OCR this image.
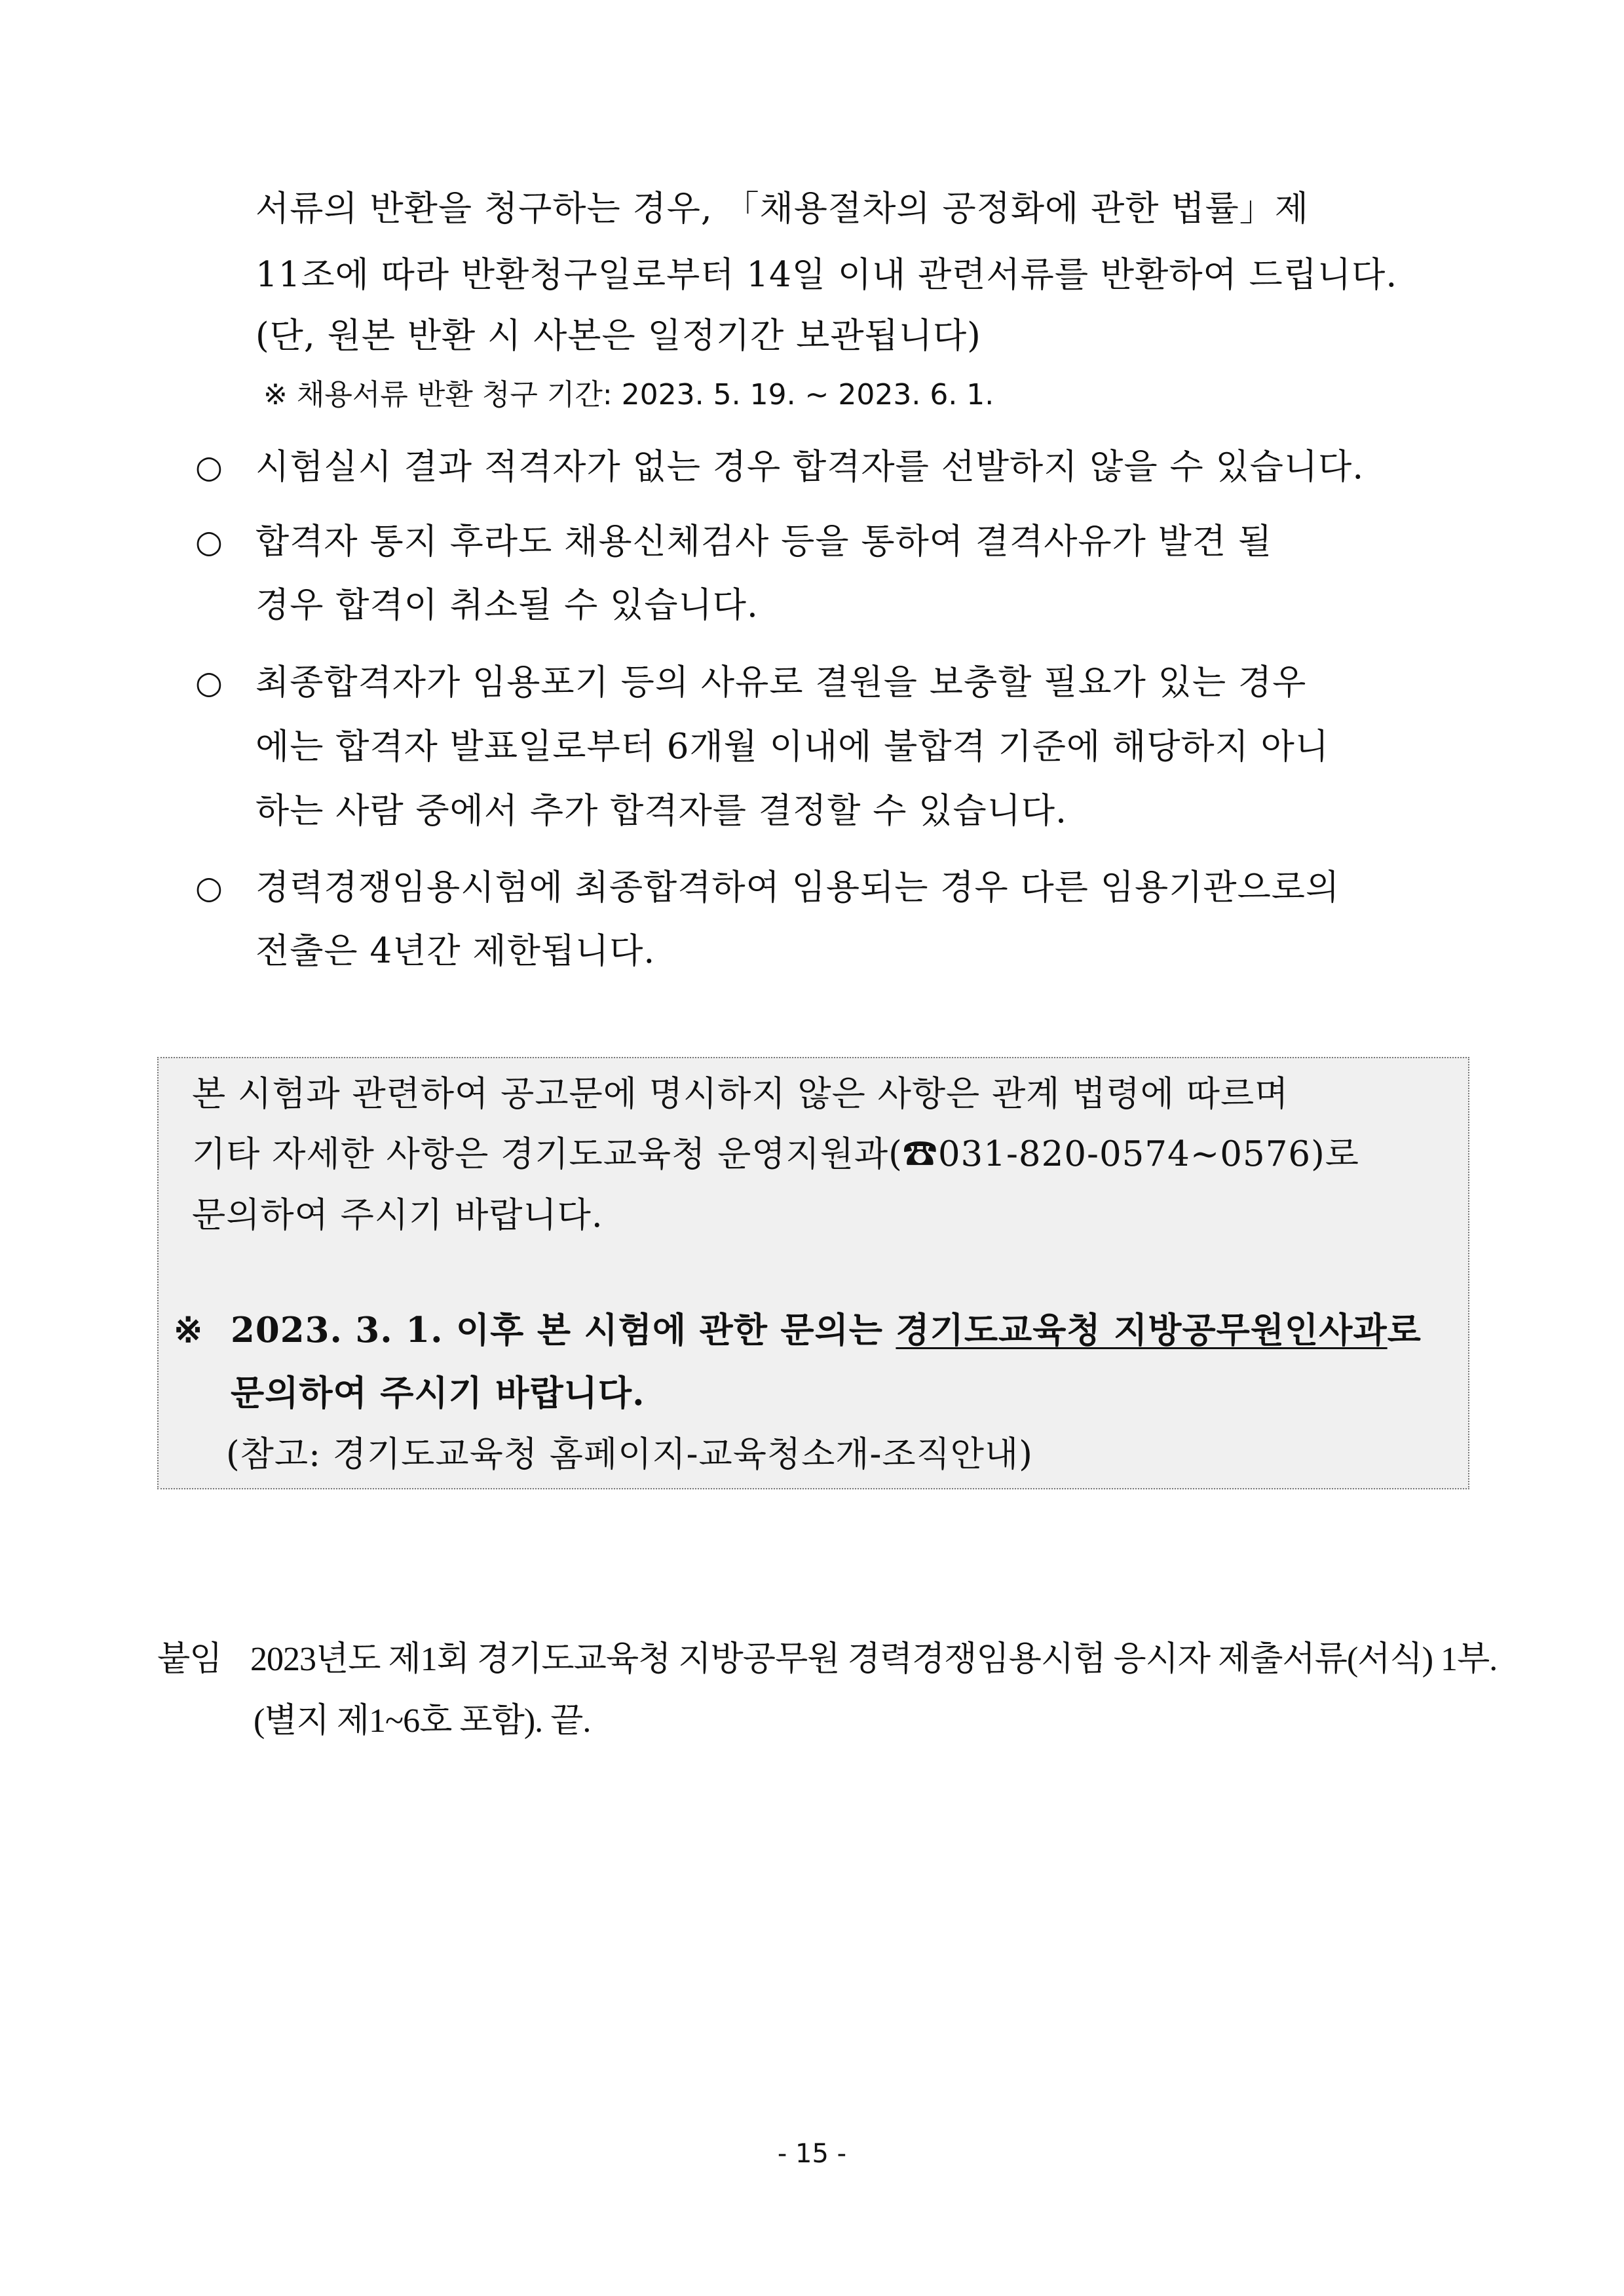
서류의 반환을 청구하는 경우, 「채용절차의 공정화에 관한 법률」제
11조에 따라 반환청구일로부터 14일 이내 관련서류를 반환하여 드립니다.
(단, 원본 반환 시 사본은 일정기간 보관됩니다)
※ 채용서류 반환 청구 기간: 2023. 5. 19. ~ 2023. 6. 1.
○ 시험실시 결과 적격자가 없는 경우 합격자를 선발하지 않을 수 있습니다.
○ 합격자 통지 후라도 채용신체검사 등을 통하여 결격사유가 발견 될
경우 합격이 취소될 수 있습니다.
○ 최종합격자가 임용포기 등의 사유로 결원을 보충할 필요가 있는 경우
에는 합격자 발표일로부터 6개월 이내에 불합격 기준에 해당하지 아니
하는 사람 중에서 추가 합격자를 결정할 수 있습니다.
○ 경력경쟁임용시험에 최종합격하여 임용되는 경우 다른 임용기관으로의
전출은 4년간 제한됩니다.
본 시험과 관련하여 공고문에 명시하지 않은 사항은 관계 법령에 따르며
기타 자세한 사항은 경기도교육청 운영지원과(☎031-820-0574~0576)로
문의하여 주시기 바랍니다.
※ 2023. 3. 1. 이후 본 시험에 관한 문의는 경기도교육청 지방공무원인사과로
문의하여 주시기 바랍니다.
(참고: 경기도교육청 홈페이지-교육청소개-조직안내)
붙임 2023년도 제1회 경기도교육청 지방공무원 경력경쟁임용시험 응시자 제출서류(서식) 1부.
(별지 제1~6호 포함). 끝.
- 15 -
